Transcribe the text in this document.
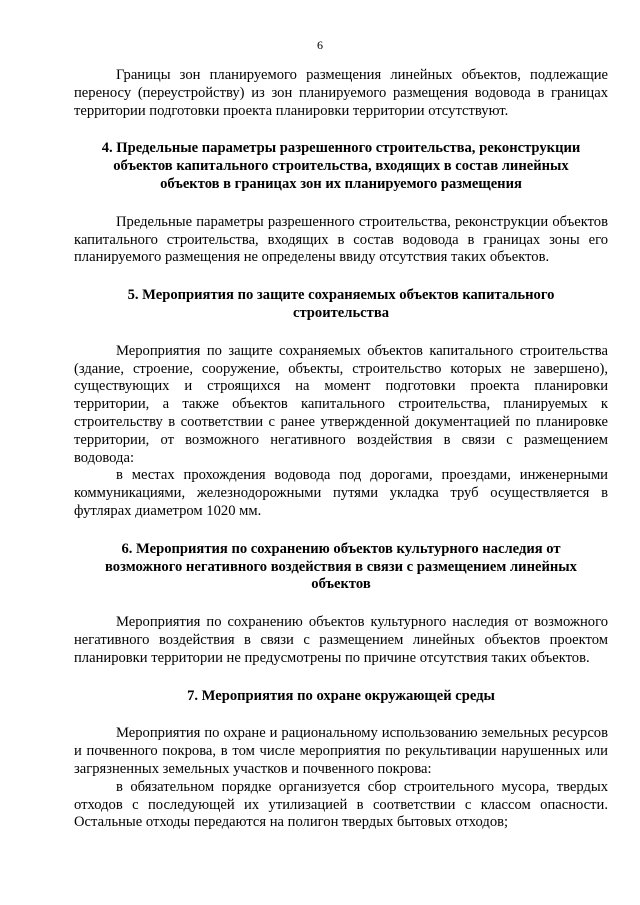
6

Границы зон планируемого размещения линейных объектов, подлежащие переносу (переустройству) из зон планируемого размещения водовода в границах территории подготовки проекта планировки территории отсутствуют.

4. Предельные параметры разрешенного строительства, реконструкции объектов капитального строительства, входящих в состав линейных объектов в границах зон их планируемого размещения

Предельные параметры разрешенного строительства, реконструкции объектов капитального строительства, входящих в состав водовода в границах зоны его планируемого размещения не определены ввиду отсутствия таких объектов.

5. Мероприятия по защите сохраняемых объектов капитального строительства

Мероприятия по защите сохраняемых объектов капитального строительства (здание, строение, сооружение, объекты, строительство которых не завершено), существующих и строящихся на момент подготовки проекта планировки территории, а также объектов капитального строительства, планируемых к строительству в соответствии с ранее утвержденной документацией по планировке территории, от возможного негативного воздействия в связи с размещением водовода:

в местах прохождения водовода под дорогами, проездами, инженерными коммуникациями, железнодорожными путями укладка труб осуществляется в футлярах диаметром 1020 мм.

6. Мероприятия по сохранению объектов культурного наследия от возможного негативного воздействия в связи с размещением линейных объектов

Мероприятия по сохранению объектов культурного наследия от возможного негативного воздействия в связи с размещением линейных объектов проектом планировки территории не предусмотрены по причине отсутствия таких объектов.

7. Мероприятия по охране окружающей среды

Мероприятия по охране и рациональному использованию земельных ресурсов и почвенного покрова, в том числе мероприятия по рекультивации нарушенных или загрязненных земельных участков и почвенного покрова:

в обязательном порядке организуется сбор строительного мусора, твердых отходов с последующей их утилизацией в соответствии с классом опасности. Остальные отходы передаются на полигон твердых бытовых отходов;
